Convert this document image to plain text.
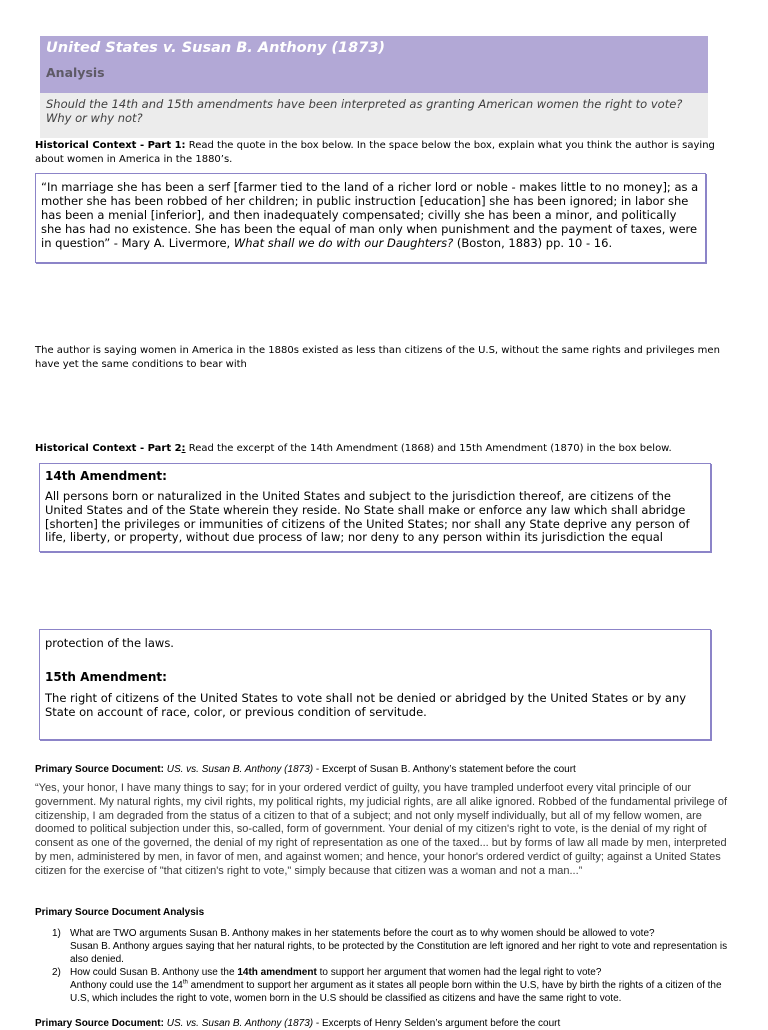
United States v. Susan B. Anthony (1873)
Analysis
Should the 14th and 15th amendments have been interpreted as granting American women the right to vote? Why or why not?
Historical Context - Part 1: Read the quote in the box below. In the space below the box, explain what you think the author is saying about women in America in the 1880’s.
“In marriage she has been a serf [farmer tied to the land of a richer lord or noble - makes little to no money]; as a mother she has been robbed of her children; in public instruction [education] she has been ignored; in labor she has been a menial [inferior], and then inadequately compensated; civilly she has been a minor, and politically she has had no existence. She has been the equal of man only when punishment and the payment of taxes, were in question” - Mary A. Livermore, What shall we do with our Daughters? (Boston, 1883) pp. 10 - 16.
The author is saying women in America in the 1880s existed as less than citizens of the U.S, without the same rights and privileges men have yet the same conditions to bear with
Historical Context - Part 2: Read the excerpt of the 14th Amendment (1868) and 15th Amendment (1870) in the box below.
14th Amendment:
All persons born or naturalized in the United States and subject to the jurisdiction thereof, are citizens of the United States and of the State wherein they reside. No State shall make or enforce any law which shall abridge [shorten] the privileges or immunities of citizens of the United States; nor shall any State deprive any person of life, liberty, or property, without due process of law; nor deny to any person within its jurisdiction the equal
protection of the laws.
15th Amendment:
The right of citizens of the United States to vote shall not be denied or abridged by the United States or by any State on account of race, color, or previous condition of servitude.
Primary Source Document: US. vs. Susan B. Anthony (1873) - Excerpt of Susan B. Anthony’s statement before the court
“Yes, your honor, I have many things to say; for in your ordered verdict of guilty, you have trampled underfoot every vital principle of our government. My natural rights, my civil rights, my political rights, my judicial rights, are all alike ignored. Robbed of the fundamental privilege of citizenship, I am degraded from the status of a citizen to that of a subject; and not only myself individually, but all of my fellow women, are doomed to political subjection under this, so-called, form of government. Your denial of my citizen's right to vote, is the denial of my right of consent as one of the governed, the denial of my right of representation as one of the taxed... but by forms of law all made by men, interpreted by men, administered by men, in favor of men, and against women; and hence, your honor's ordered verdict of guilty; against a United States citizen for the exercise of "that citizen's right to vote," simply because that citizen was a woman and not a man...”
Primary Source Document Analysis
1) What are TWO arguments Susan B. Anthony makes in her statements before the court as to why women should be allowed to vote?
Susan B. Anthony argues saying that her natural rights, to be protected by the Constitution are left ignored and her right to vote and representation is also denied.
2) How could Susan B. Anthony use the 14th amendment to support her argument that women had the legal right to vote?
Anthony could use the 14th amendment to support her argument as it states all people born within the U.S, have by birth the rights of a citizen of the U.S, which includes the right to vote, women born in the U.S should be classified as citizens and have the same right to vote.
Primary Source Document: US. vs. Susan B. Anthony (1873) - Excerpts of Henry Selden’s argument before the court
